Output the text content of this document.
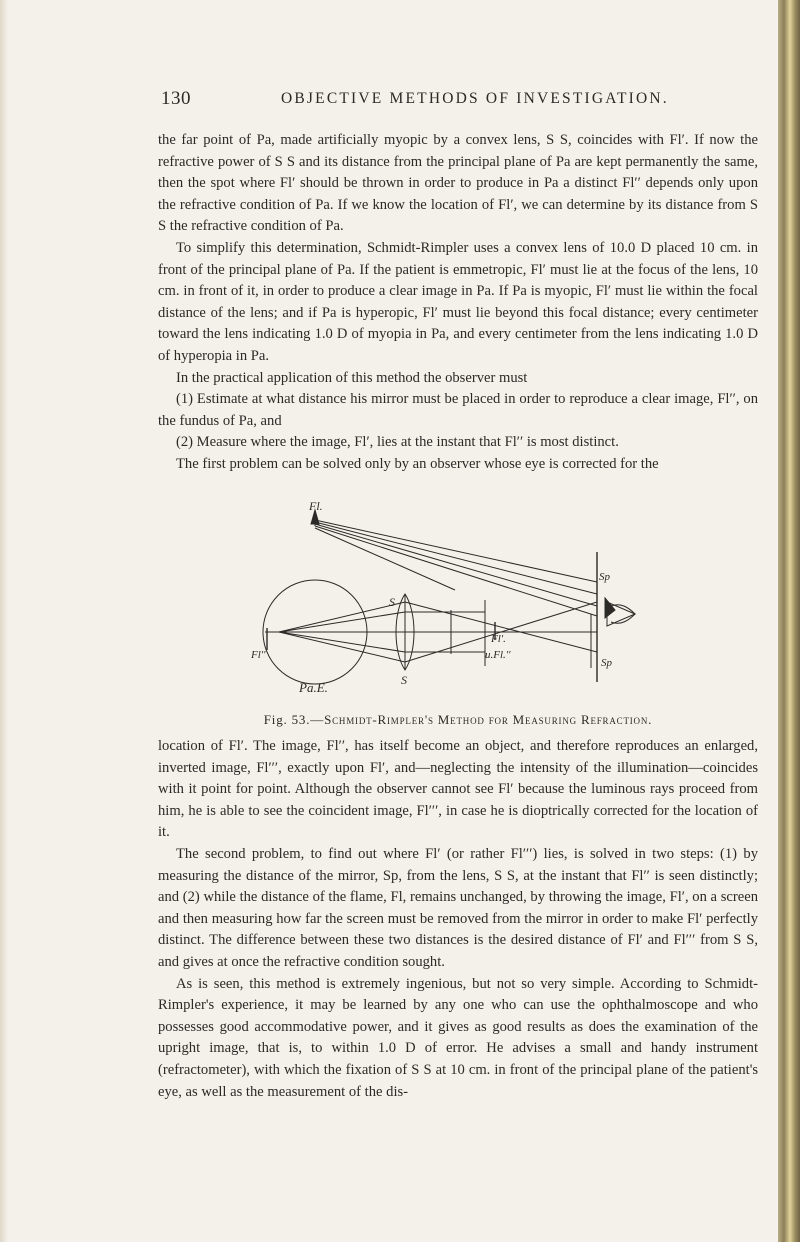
130	OBJECTIVE METHODS OF INVESTIGATION.

the far point of Pa, made artificially myopic by a convex lens, S S, coincides with Fl′. If now the refractive power of S S and its distance from the principal plane of Pa are kept permanently the same, then the spot where Fl′ should be thrown in order to produce in Pa a distinct Fl′′ depends only upon the refractive condition of Pa. If we know the location of Fl′, we can determine by its distance from S S the refractive condition of Pa.

To simplify this determination, Schmidt-Rimpler uses a convex lens of 10.0 D placed 10 cm. in front of the principal plane of Pa. If the patient is emmetropic, Fl′ must lie at the focus of the lens, 10 cm. in front of it, in order to produce a clear image in Pa. If Pa is myopic, Fl′ must lie within the focal distance of the lens; and if Pa is hyperopic, Fl′ must lie beyond this focal distance; every centimeter toward the lens indicating 1.0 D of myopia in Pa, and every centimeter from the lens indicating 1.0 D of hyperopia in Pa.

In the practical application of this method the observer must

(1) Estimate at what distance his mirror must be placed in order to reproduce a clear image, Fl′′, on the fundus of Pa, and

(2) Measure where the image, Fl′, lies at the instant that Fl′′ is most distinct.

The first problem can be solved only by an observer whose eye is corrected for the

Fl.
S
S
Sp
Sp
Fl′.
u.Fl.′′
Fl′′
Pa.E.
Fig. 53.—Schmidt-Rimpler's Method for Measuring Refraction.

location of Fl′. The image, Fl′′, has itself become an object, and therefore reproduces an enlarged, inverted image, Fl′′′, exactly upon Fl′, and—neglecting the intensity of the illumination—coincides with it point for point. Although the observer cannot see Fl′ because the luminous rays proceed from him, he is able to see the coincident image, Fl′′′, in case he is dioptrically corrected for the location of it.

The second problem, to find out where Fl′ (or rather Fl′′′) lies, is solved in two steps: (1) by measuring the distance of the mirror, Sp, from the lens, S S, at the instant that Fl′′ is seen distinctly; and (2) while the distance of the flame, Fl, remains unchanged, by throwing the image, Fl′, on a screen and then measuring how far the screen must be removed from the mirror in order to make Fl′ perfectly distinct. The difference between these two distances is the desired distance of Fl′ and Fl′′′ from S S, and gives at once the refractive condition sought.

As is seen, this method is extremely ingenious, but not so very simple. According to Schmidt-Rimpler's experience, it may be learned by any one who can use the ophthalmoscope and who possesses good accommodative power, and it gives as good results as does the examination of the upright image, that is, to within 1.0 D of error. He advises a small and handy instrument (refractometer), with which the fixation of S S at 10 cm. in front of the principal plane of the patient's eye, as well as the measurement of the dis-
